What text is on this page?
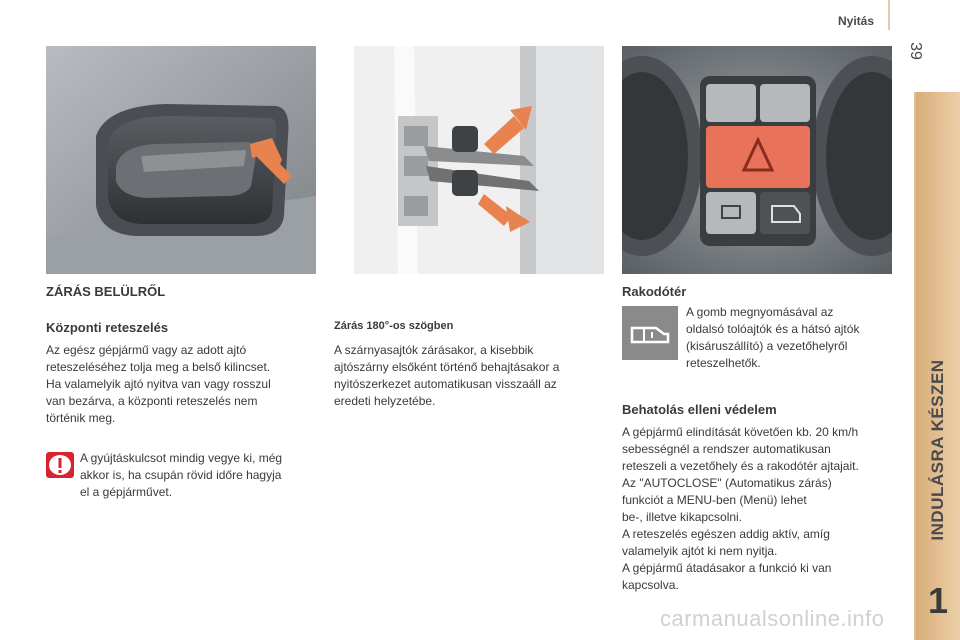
Nyitás
39
INDULÁSRA KÉSZEN
1
ZÁRÁS BELÜLRŐL
Központi reteszelés
Az egész gépjármű vagy az adott ajtó
reteszeléséhez tolja meg a belső kilincset.
Ha valamelyik ajtó nyitva van vagy rosszul
van bezárva, a központi reteszelés nem
történik meg.
A gyújtáskulcsot mindig vegye ki, még
akkor is, ha csupán rövid időre hagyja
el a gépjárművet.
Zárás 180°-os szögben
A szárnyasajtók zárásakor, a kisebbik
ajtószárny elsőként történő behajtásakor a
nyitószerkezet automatikusan visszaáll az
eredeti helyzetébe.
Rakodótér
A gomb megnyomásával az
oldalsó tolóajtók és a hátsó ajtók
(kisáruszállító) a vezetőhelyről
reteszelhetők.
Behatolás elleni védelem
A gépjármű elindítását követően kb. 20 km/h
sebességnél a rendszer automatikusan
reteszeli a vezetőhely és a rakodótér ajtajait.
Az "AUTOCLOSE" (Automatikus zárás)
funkciót a MENU-ben (Menü) lehet
be-, illetve kikapcsolni.
A reteszelés egészen addig aktív, amíg
valamelyik ajtót ki nem nyitja.
A gépjármű átadásakor a funkció ki van
kapcsolva.
carmanualsonline.info
